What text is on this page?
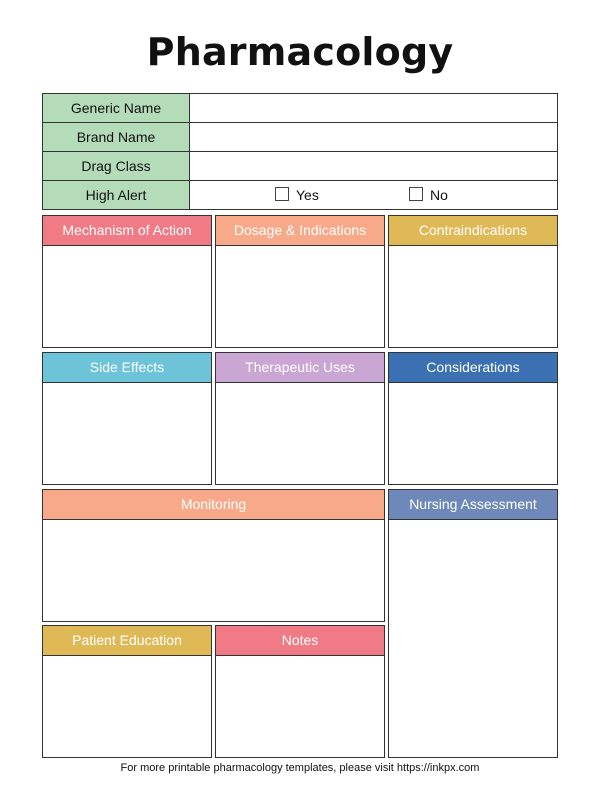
Pharmacology
Generic Name	
Brand Name	
Drag Class	
High Alert	Yes No
Mechanism of Action	Dosage & Indications	Contraindications
Side Effects	Therapeutic Uses	Considerations
Monitoring	Nursing Assessment
Patient Education	Notes
For more printable pharmacology templates, please visit https://inkpx.com
